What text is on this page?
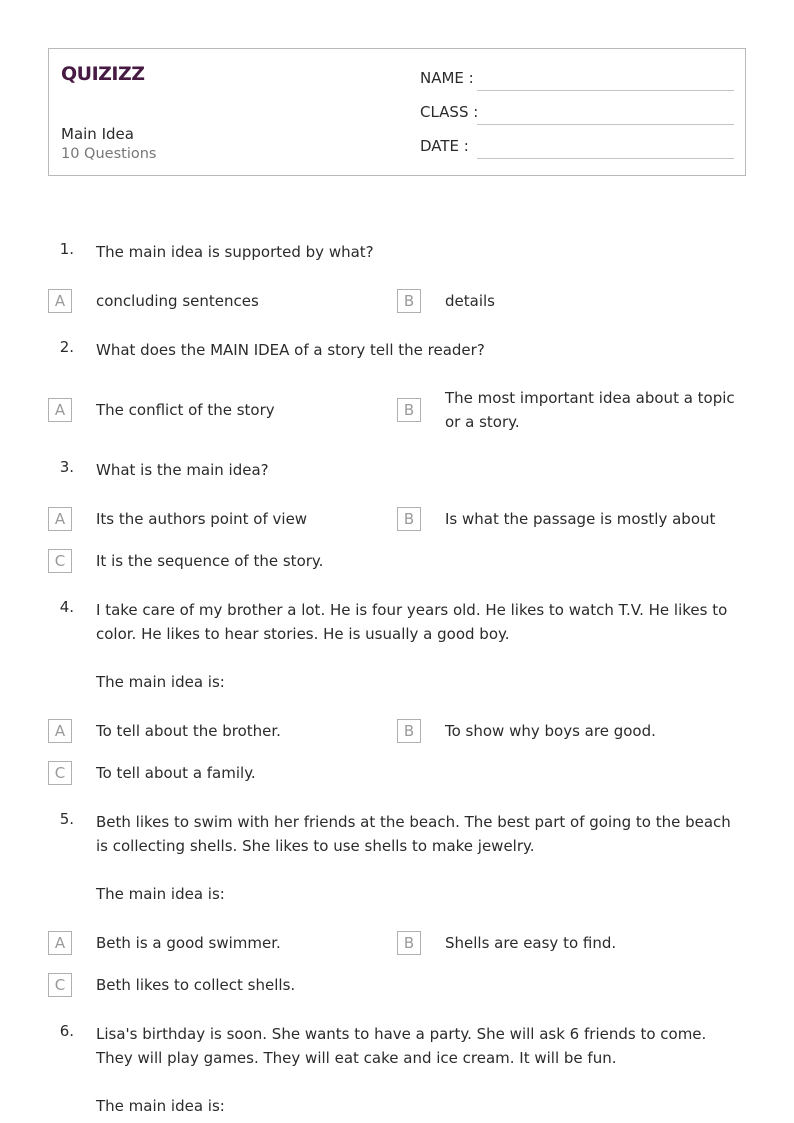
QUIZIZZ
Main Idea
10 Questions
NAME :
CLASS :
DATE :
1. The main idea is supported by what?
A	concluding sentences	B	details
2. What does the MAIN IDEA of a story tell the reader?
A	The conflict of the story	B
The most important idea about a topic or a story.
3. What is the main idea?
A	Its the authors point of view	B	Is what the passage is mostly about
C	It is the sequence of the story.
4. I take care of my brother a lot. He is four years old. He likes to watch T.V. He likes to color. He likes to hear stories. He is usually a good boy.
The main idea is:
A	To tell about the brother.	B	To show why boys are good.
C	To tell about a family.
5. Beth likes to swim with her friends at the beach. The best part of going to the beach is collecting shells. She likes to use shells to make jewelry.
The main idea is:
A	Beth is a good swimmer.	B	Shells are easy to find.
C	Beth likes to collect shells.
6. Lisa's birthday is soon. She wants to have a party. She will ask 6 friends to come. They will play games. They will eat cake and ice cream. It will be fun.
The main idea is:
